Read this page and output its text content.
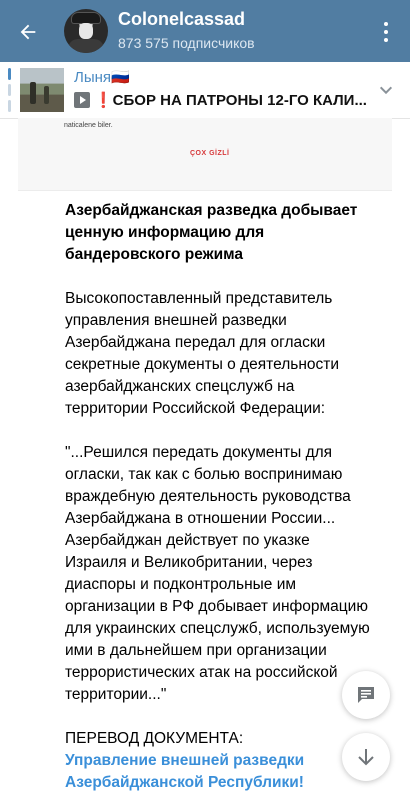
Colonelcassad
873 575 подписчиков
Лыня🇷🇺
❗СБОР НА ПАТРОНЫ 12-ГО КАЛИ...
naticalene biler.
ÇOX GİZLİ
Азербайджанская разведка добывает ценную информацию для бандеровского режима
Высокопоставленный представитель управления внешней разведки Азербайджана передал для огласки секретные документы о деятельности азербайджанских спецслужб на территории Российской Федерации:
"...Решился передать документы для огласки, так как с болью воспринимаю враждебную деятельность руководства Азербайджана в отношении России... Азербайджан действует по указке Израиля и Великобритании, через диаспоры и подконтрольные им организации в РФ добывает информацию для украинских спецслужб, используемую ими в дальнейшем при организации террористических атак на российской территории..."
ПЕРЕВОД ДОКУМЕНТА:
Управление внешней разведки Азербайджанской Республики!
